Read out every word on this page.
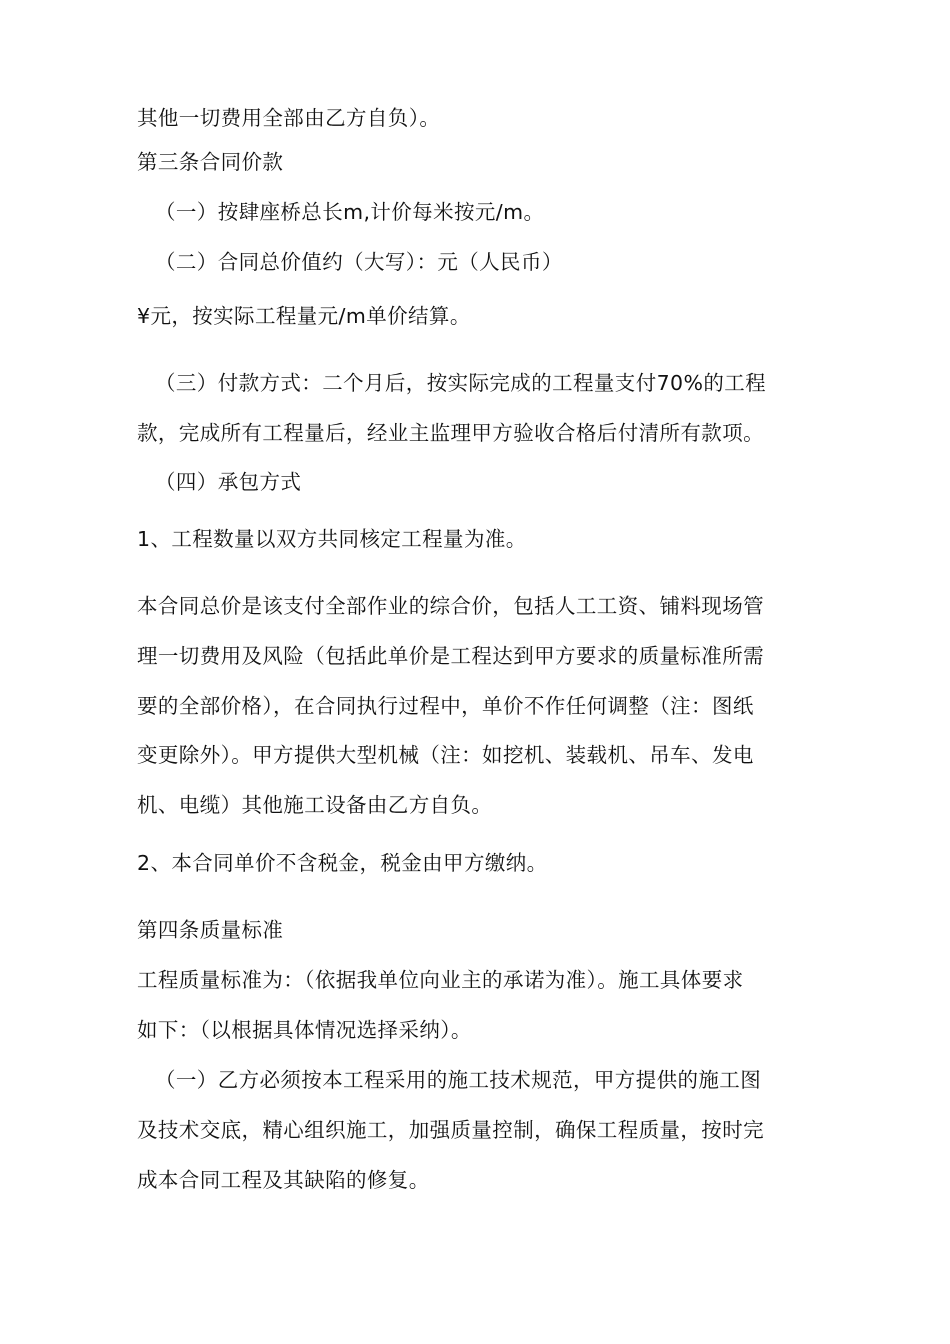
其他一切费用全部由乙方自负）。

第三条合同价款

（一）按肆座桥总长m,计价每米按元/m。

（二）合同总价值约（大写）：元（人民币）

¥元，按实际工程量元/m单价结算。

（三）付款方式：二个月后，按实际完成的工程量支付70%的工程

款，完成所有工程量后，经业主监理甲方验收合格后付清所有款项。

（四）承包方式

1、工程数量以双方共同核定工程量为准。

本合同总价是该支付全部作业的综合价，包括人工工资、铺料现场管

理一切费用及风险（包括此单价是工程达到甲方要求的质量标准所需

要的全部价格），在合同执行过程中，单价不作任何调整（注：图纸

变更除外）。甲方提供大型机械（注：如挖机、装载机、吊车、发电

机、电缆）其他施工设备由乙方自负。

2、本合同单价不含税金，税金由甲方缴纳。

第四条质量标准

工程质量标准为：（依据我单位向业主的承诺为准）。施工具体要求

如下：（以根据具体情况选择采纳）。

（一）乙方必须按本工程采用的施工技术规范，甲方提供的施工图

及技术交底，精心组织施工，加强质量控制，确保工程质量，按时完

成本合同工程及其缺陷的修复。
